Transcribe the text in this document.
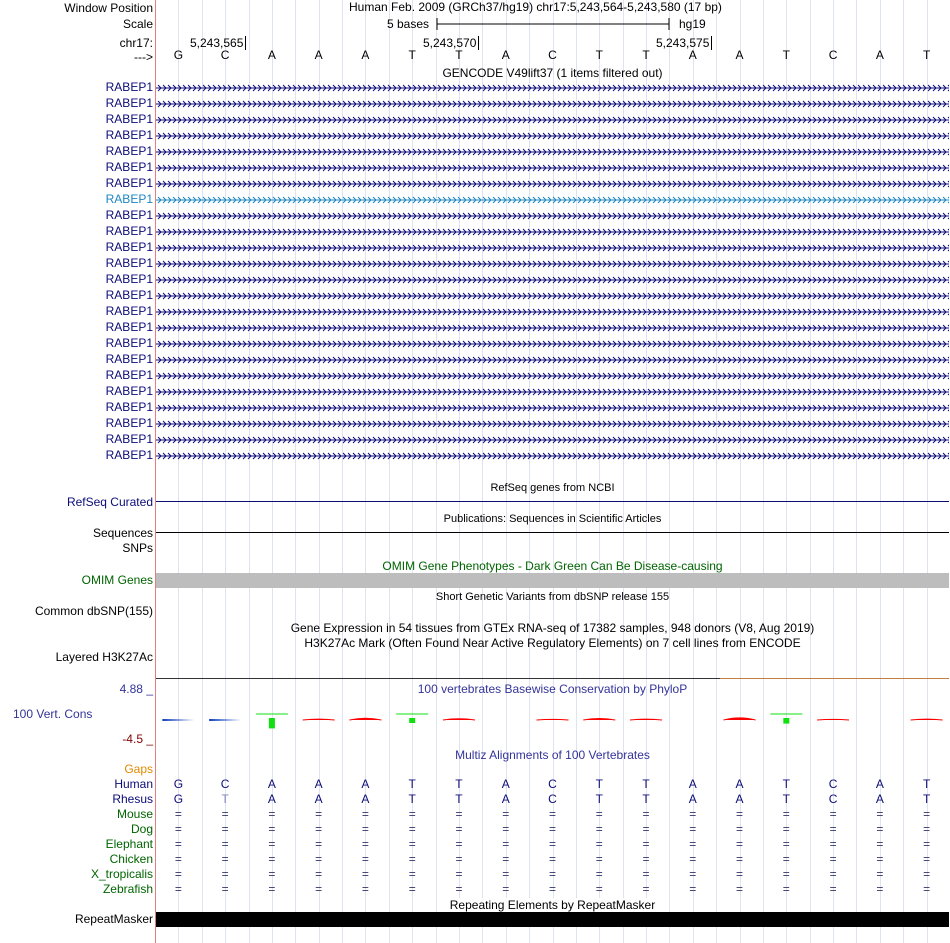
Window Position	Human Feb. 2009 (GRCh37/hg19) chr17:5,243,564-5,243,580 (17 bp)
Scale	5 bases	hg19
chr17:	5,243,565	5,243,570	5,243,575
--->	G	C	A	A	A	T	T	A	C	T	T	A	A	T	C	A	T
GENCODE V49lift37 (1 items filtered out)
RABEP1
RABEP1
RABEP1
RABEP1
RABEP1
RABEP1
RABEP1
RABEP1
RABEP1
RABEP1
RABEP1
RABEP1
RABEP1
RABEP1
RABEP1
RABEP1
RABEP1
RABEP1
RABEP1
RABEP1
RABEP1
RABEP1
RABEP1
RABEP1
RefSeq genes from NCBI
RefSeq Curated
Publications: Sequences in Scientific Articles
Sequences
SNPs
OMIM Gene Phenotypes - Dark Green Can Be Disease-causing
OMIM Genes
Short Genetic Variants from dbSNP release 155
Common dbSNP(155)
Gene Expression in 54 tissues from GTEx RNA-seq of 17382 samples, 948 donors (V8, Aug 2019)
H3K27Ac Mark (Often Found Near Active Regulatory Elements) on 7 cell lines from ENCODE
Layered H3K27Ac
100 vertebrates Basewise Conservation by PhyloP
4.88 _
100 Vert. Cons
-4.5 _
Multiz Alignments of 100 Vertebrates
Gaps
Human	G	C	A	A	A	T	T	A	C	T	T	A	A	T	C	A	T
Rhesus	G	T	A	A	A	T	T	A	C	T	T	A	A	T	C	A	T
Mouse	=	=	=	=	=	=	=	=	=	=	=	=	=	=	=	=	=
Dog	=	=	=	=	=	=	=	=	=	=	=	=	=	=	=	=	=
Elephant	=	=	=	=	=	=	=	=	=	=	=	=	=	=	=	=	=
Chicken	=	=	=	=	=	=	=	=	=	=	=	=	=	=	=	=	=
X_tropicalis	=	=	=	=	=	=	=	=	=	=	=	=	=	=	=	=	=
Zebrafish	=	=	=	=	=	=	=	=	=	=	=	=	=	=	=	=	=
Repeating Elements by RepeatMasker
RepeatMasker
